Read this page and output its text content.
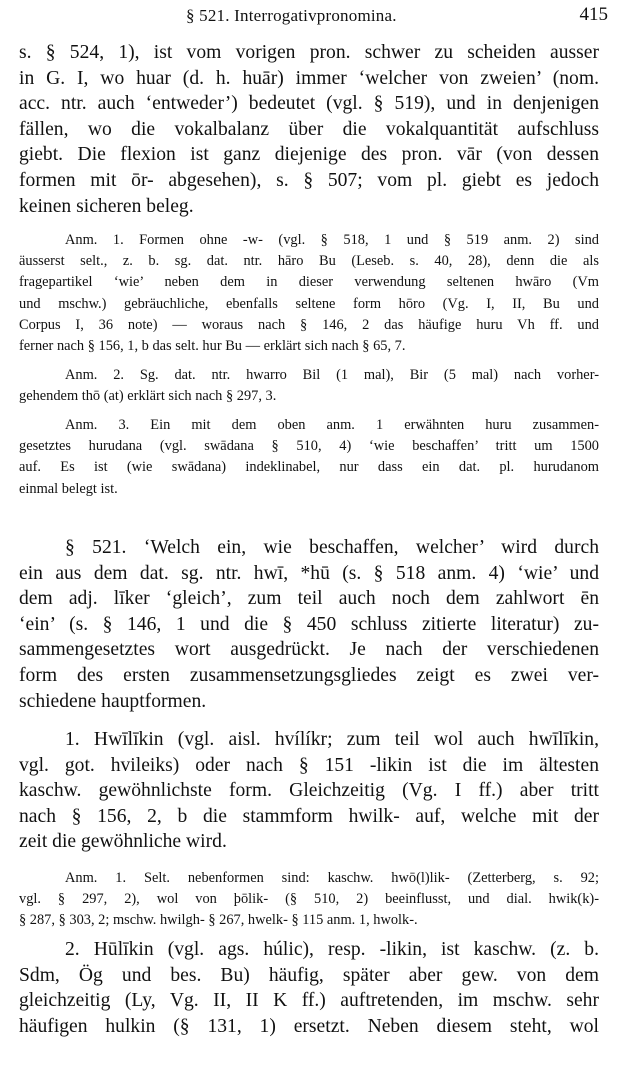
§ 521. Interrogativpronomina.	415
s. § 524, 1), ist vom vorigen pron. schwer zu scheiden ausser
in G. I, wo huar (d. h. huār) immer ‘welcher von zweien’ (nom.
acc. ntr. auch ‘entweder’) bedeutet (vgl. § 519), und in denjenigen
fällen, wo die vokalbalanz über die vokalquantität aufschluss
giebt. Die flexion ist ganz diejenige des pron. vār (von dessen
formen mit ōr- abgesehen), s. § 507; vom pl. giebt es jedoch
keinen sicheren beleg.
Anm. 1. Formen ohne -w- (vgl. § 518, 1 und § 519 anm. 2) sind
äusserst selt., z. b. sg. dat. ntr. hāro Bu (Leseb. s. 40, 28), denn die als
fragepartikel ‘wie’ neben dem in dieser verwendung seltenen hwāro (Vm
und mschw.) gebräuchliche, ebenfalls seltene form hōro (Vg. I, II, Bu und
Corpus I, 36 note) — woraus nach § 146, 2 das häufige huru Vh ff. und
ferner nach § 156, 1, b das selt. hur Bu — erklärt sich nach § 65, 7.
Anm. 2. Sg. dat. ntr. hwarro Bil (1 mal), Bir (5 mal) nach vorher-
gehendem thō (at) erklärt sich nach § 297, 3.
Anm. 3. Ein mit dem oben anm. 1 erwähnten huru zusammen-
gesetztes hurudana (vgl. swādana § 510, 4) ‘wie beschaffen’ tritt um 1500
auf. Es ist (wie swādana) indeklinabel, nur dass ein dat. pl. hurudanom
einmal belegt ist.
§ 521. ‘Welch ein, wie beschaffen, welcher’ wird durch
ein aus dem dat. sg. ntr. hwī, *hū (s. § 518 anm. 4) ‘wie’ und
dem adj. līker ‘gleich’, zum teil auch noch dem zahlwort ēn
‘ein’ (s. § 146, 1 und die § 450 schluss zitierte literatur) zu-
sammengesetztes wort ausgedrückt. Je nach der verschiedenen
form des ersten zusammensetzungsgliedes zeigt es zwei ver-
schiedene hauptformen.
1. Hwīlīkin (vgl. aisl. hvílíkr; zum teil wol auch hwīlīkin,
vgl. got. hvileiks) oder nach § 151 -likin ist die im ältesten
kaschw. gewöhnlichste form. Gleichzeitig (Vg. I ff.) aber tritt
nach § 156, 2, b die stammform hwilk- auf, welche mit der
zeit die gewöhnliche wird.
Anm. 1. Selt. nebenformen sind: kaschw. hwō(l)lik- (Zetterberg, s. 92;
vgl. § 297, 2), wol von þōlik- (§ 510, 2) beeinflusst, und dial. hwik(k)-
§ 287, § 303, 2; mschw. hwilgh- § 267, hwelk- § 115 anm. 1, hwolk-.
2. Hūlīkin (vgl. ags. húlic), resp. -likin, ist kaschw. (z. b.
Sdm, Ög und bes. Bu) häufig, später aber gew. von dem
gleichzeitig (Ly, Vg. II, II K ff.) auftretenden, im mschw. sehr
häufigen hulkin (§ 131, 1) ersetzt. Neben diesem steht, wol
